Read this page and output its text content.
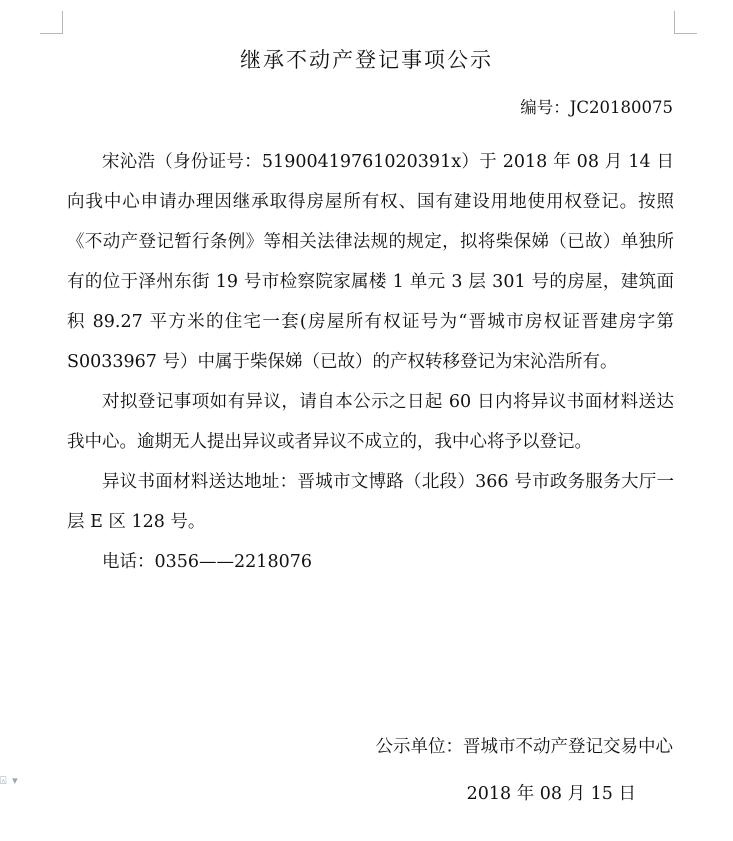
⍓ ▾
继承不动产登记事项公示
编号：JC20180075

宋沁浩（身份证号：51900419761020391x）于 2018 年 08 月 14 日向我中心申请办理因继承取得房屋所有权、国有建设用地使用权登记。按照《不动产登记暂行条例》等相关法律法规的规定，拟将柴保娣（已故）单独所有的位于泽州东街 19 号市检察院家属楼 1 单元 3 层 301 号的房屋，建筑面积 89.27 平方米的住宅一套(房屋所有权证号为“晋城市房权证晋建房字第 S0033967 号）中属于柴保娣（已故）的产权转移登记为宋沁浩所有。

对拟登记事项如有异议，请自本公示之日起 60 日内将异议书面材料送达我中心。逾期无人提出异议或者异议不成立的，我中心将予以登记。

异议书面材料送达地址：晋城市文博路（北段）366 号市政务服务大厅一层 E 区 128 号。

电话：0356——2218076

公示单位：晋城市不动产登记交易中心
2018 年 08 月 15 日
